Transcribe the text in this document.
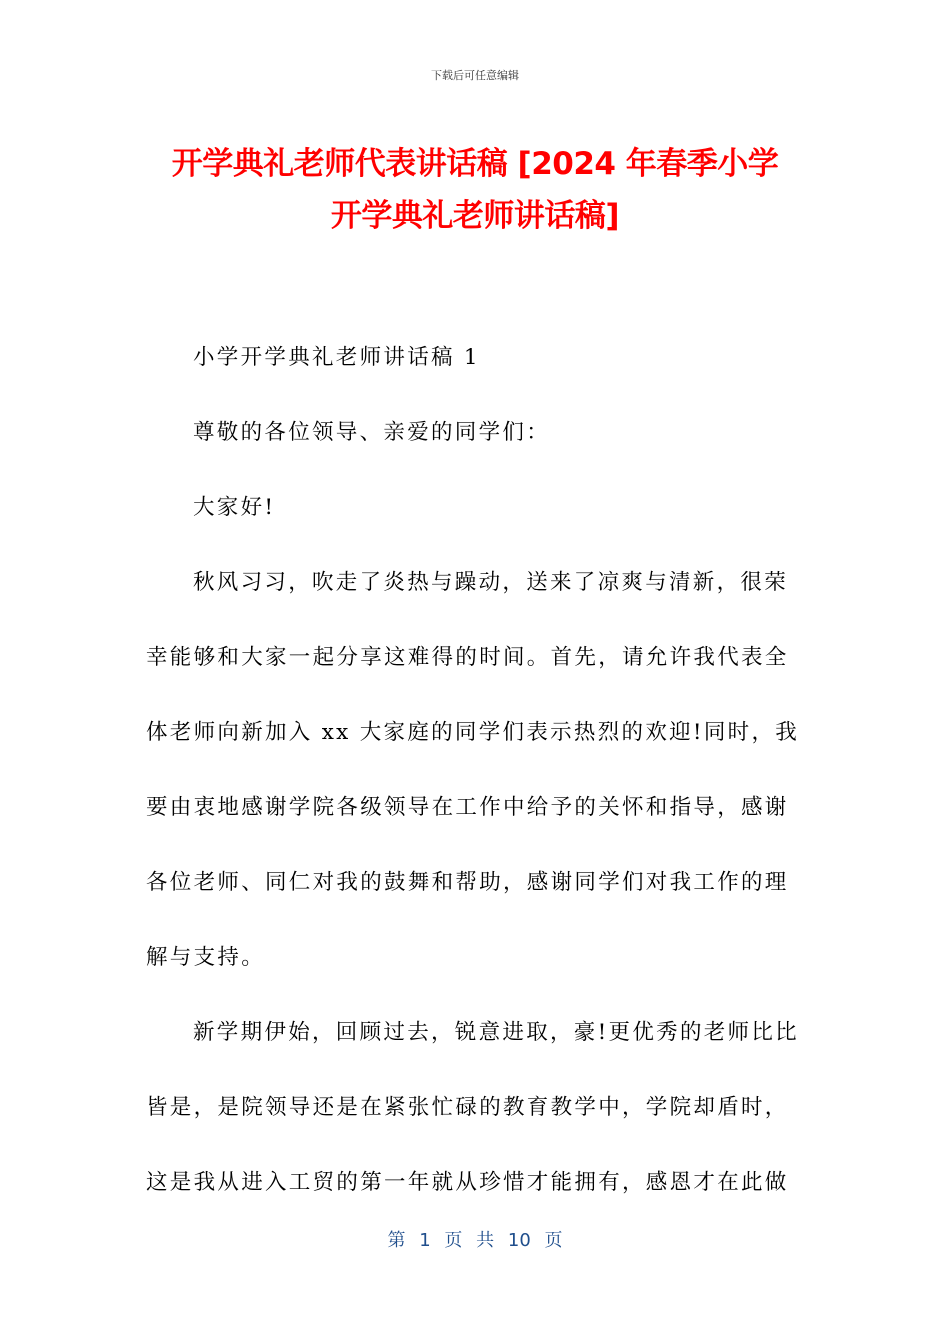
下载后可任意编辑
开学典礼老师代表讲话稿 [2024 年春季小学
开学典礼老师讲话稿]

小学开学典礼老师讲话稿 1

尊敬的各位领导、亲爱的同学们：

大家好!

秋风习习，吹走了炎热与躁动，送来了凉爽与清新，很荣
幸能够和大家一起分享这难得的时间。首先，请允许我代表全
体老师向新加入 xx 大家庭的同学们表示热烈的欢迎!同时，我
要由衷地感谢学院各级领导在工作中给予的关怀和指导，感谢
各位老师、同仁对我的鼓舞和帮助，感谢同学们对我工作的理
解与支持。

新学期伊始，回顾过去，锐意进取，豪!更优秀的老师比比
皆是，是院领导还是在紧张忙碌的教育教学中，学院却盾时，
这是我从进入工贸的第一年就从珍惜才能拥有，感恩才在此做

第 1 页 共 10 页
